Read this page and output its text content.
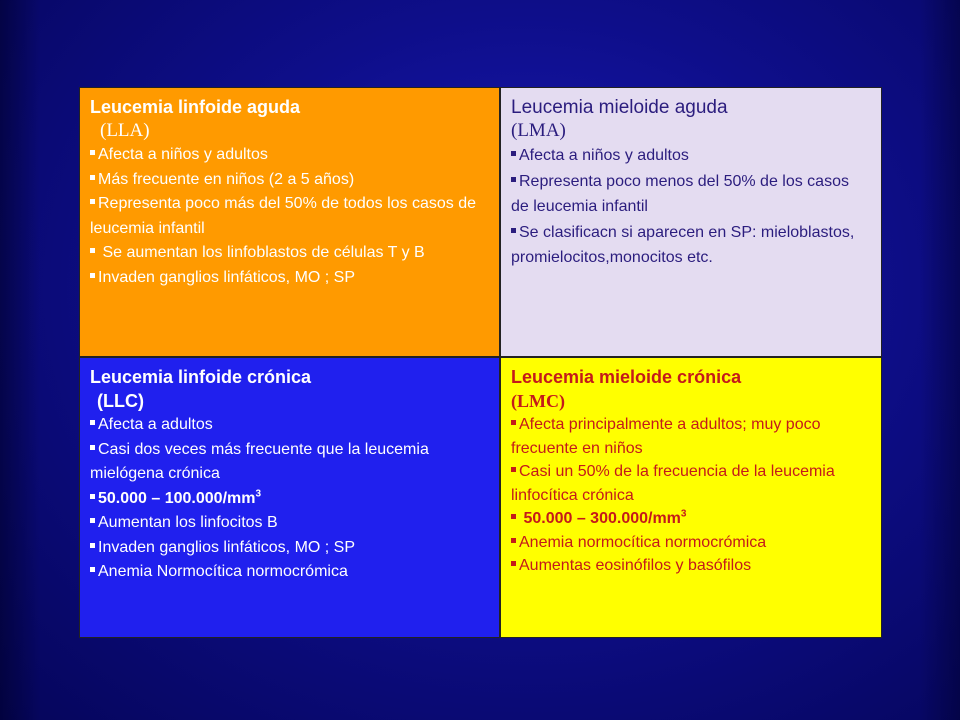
Leucemia linfoide aguda

(LLA)

Afecta a niños y adultos
Más frecuente en niños (2 a 5 años)
Representa poco más del 50% de todos los casos de leucemia infantil
Se aumentan los linfoblastos de células T y B
Invaden ganglios linfáticos, MO ; SP

Leucemia mieloide aguda

(LMA)

Afecta a niños y adultos
Representa poco menos del 50% de los casos de leucemia infantil
Se clasificacn si aparecen en SP: mieloblastos, promielocitos,monocitos etc.

Leucemia linfoide crónica

(LLC)

Afecta a adultos
Casi dos veces más frecuente que la leucemia mielógena crónica
$50.000 - 100.000/mm^3$
Aumentan los linfocitos B
Invaden ganglios linfáticos, MO ; SP
Anemia Normocítica normocrómica

Leucemia mieloide crónica

(LMC)

Afecta principalmente a adultos; muy poco frecuente en niños
Casi un 50% de la frecuencia de la leucemia linfocítica crónica
$50.000 - 300.000/mm^3$
Anemia normocítica normocrómica
Aumentas eosinófilos y basófilos
